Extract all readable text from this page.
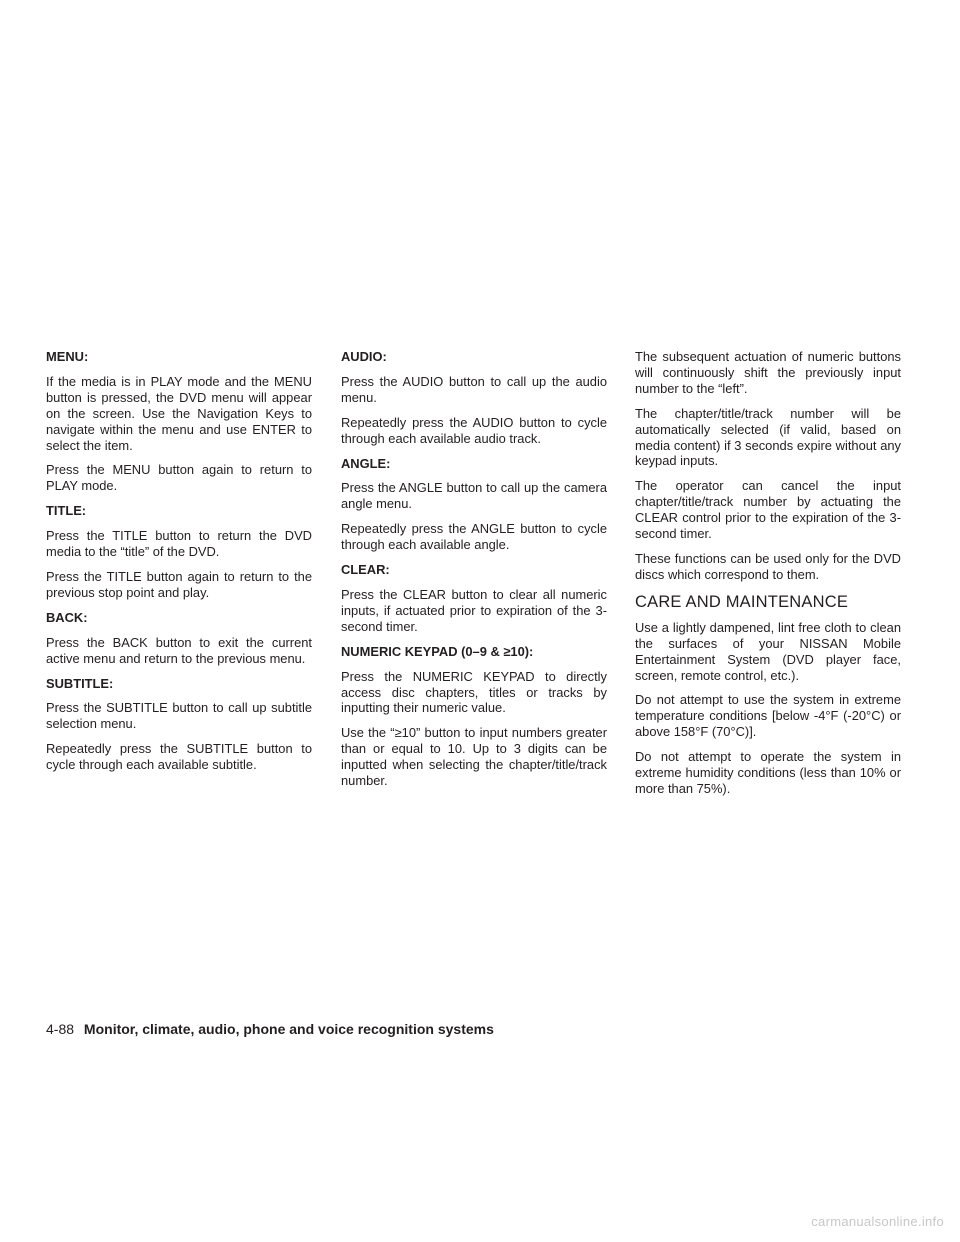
MENU:

If the media is in PLAY mode and the MENU button is pressed, the DVD menu will appear on the screen. Use the Navigation Keys to navigate within the menu and use ENTER to select the item.

Press the MENU button again to return to PLAY mode.

TITLE:

Press the TITLE button to return the DVD media to the “title” of the DVD.

Press the TITLE button again to return to the previous stop point and play.

BACK:

Press the BACK button to exit the current active menu and return to the previous menu.

SUBTITLE:

Press the SUBTITLE button to call up subtitle selection menu.

Repeatedly press the SUBTITLE button to cycle through each available subtitle.

AUDIO:

Press the AUDIO button to call up the audio menu.

Repeatedly press the AUDIO button to cycle through each available audio track.

ANGLE:

Press the ANGLE button to call up the camera angle menu.

Repeatedly press the ANGLE button to cycle through each available angle.

CLEAR:

Press the CLEAR button to clear all numeric inputs, if actuated prior to expiration of the 3-second timer.

NUMERIC KEYPAD (0–9 & ≥10):

Press the NUMERIC KEYPAD to directly access disc chapters, titles or tracks by inputting their numeric value.

Use the “≥10” button to input numbers greater than or equal to 10. Up to 3 digits can be inputted when selecting the chapter/title/track number.

The subsequent actuation of numeric buttons will continuously shift the previously input number to the “left”.

The chapter/title/track number will be automatically selected (if valid, based on media content) if 3 seconds expire without any keypad inputs.

The operator can cancel the input chapter/title/track number by actuating the CLEAR control prior to the expiration of the 3-second timer.

These functions can be used only for the DVD discs which correspond to them.

CARE AND MAINTENANCE

Use a lightly dampened, lint free cloth to clean the surfaces of your NISSAN Mobile Entertainment System (DVD player face, screen, remote control, etc.).

Do not attempt to use the system in extreme temperature conditions [below -4°F (-20°C) or above 158°F (70°C)].

Do not attempt to operate the system in extreme humidity conditions (less than 10% or more than 75%).

4-88 Monitor, climate, audio, phone and voice recognition systems
carmanualsonline.info
